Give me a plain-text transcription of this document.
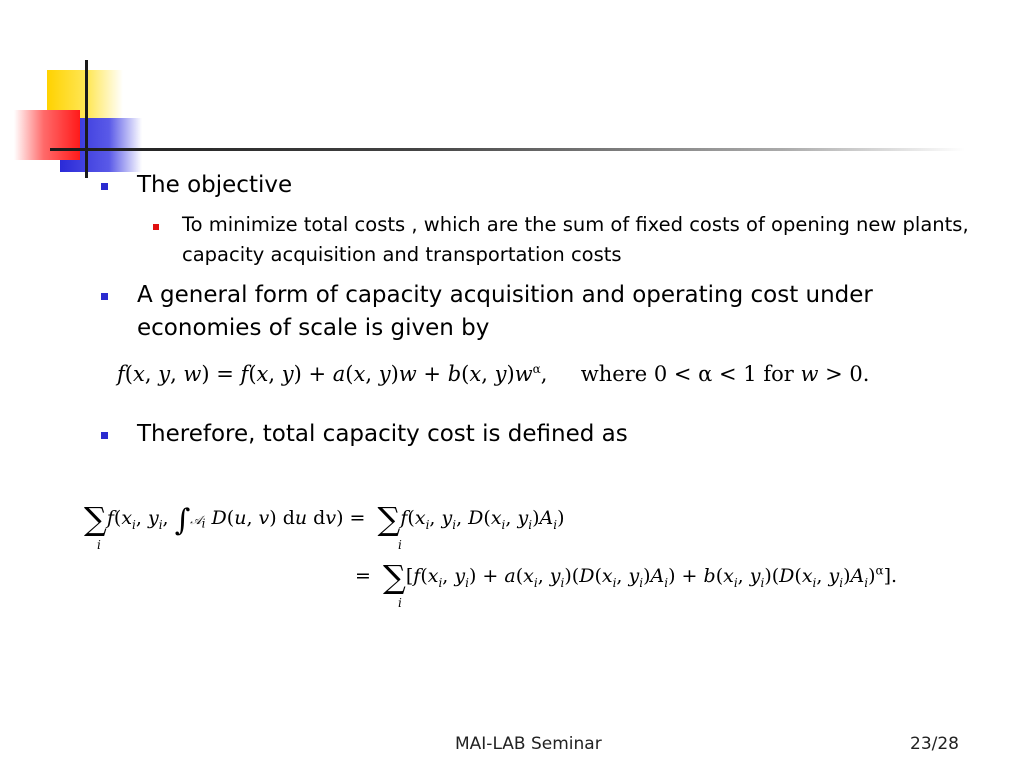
The objective
To minimize total costs , which are the sum of fixed costs of opening new plants, capacity acquisition and transportation costs
A general form of capacity acquisition and operating cost under economies of scale is given by
f(x, y, w) = f(x, y) + a(x, y)w + b(x, $y)w^\alpha$,     where 0 < α < 1 for w > 0.
Therefore, total capacity cost is defined as
$\sum f(x_i$, $y_i$, ∫𝒜$_i$ D(u, v) du $dv) = \sum f(x_i$, $y_i$, $D(x_i$, $y_i)A_i$)
i	i
=  $\sum[f(x_i$, $y_i) + a(x_i$, $y_i)(D(x_i$, $y_i)A_i) + b(x_i$, $y_i)(D(x_i$, $y_i)A_i)^\alpha$].
i
MAI-LAB Seminar	23/28
